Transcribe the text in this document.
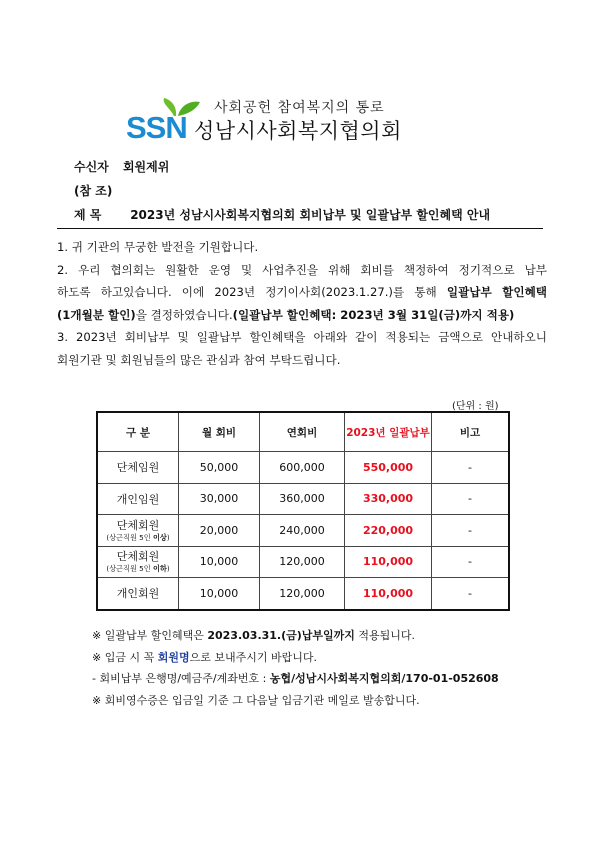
SSN
사회공헌 참여복지의 통로
성남시사회복지협의회
수신자 회원제위
(참 조)
제 목 2023년 성남시사회복지협의회 회비납부 및 일괄납부 할인혜택 안내

1. 귀 기관의 무궁한 발전을 기원합니다.

2. 우리 협의회는 원활한 운영 및 사업추진을 위해 회비를 책정하여 정기적으로 납부

하도록 하고있습니다. 이에 2023년 정기이사회(2023.1.27.)를 통해 일괄납부 할인혜택

(1개월분 할인)을 결정하였습니다.(일괄납부 할인혜택: 2023년 3월 31일(금)까지 적용)

3. 2023년 회비납부 및 일괄납부 할인혜택을 아래와 같이 적용되는 금액으로 안내하오니

회원기관 및 회원님들의 많은 관심과 참여 부탁드립니다.

(단위 : 원)
구 분	월 회비	연회비	2023년 일괄납부	비고
단체임원	50,000	600,000	550,000	-
개인임원	30,000	360,000	330,000	-
단체회원
(상근직원 5인 이상)	20,000	240,000	220,000	-
단체회원
(상근직원 5인 이하)	10,000	120,000	110,000	-
개인회원	10,000	120,000	110,000	-

※ 일괄납부 할인혜택은 2023.03.31.(금)납부일까지 적용됩니다.

※ 입금 시 꼭 회원명으로 보내주시기 바랍니다.

- 회비납부 은행명/예금주/계좌번호 : 농협/성남시사회복지협의회/170-01-052608

※ 회비영수증은 입금일 기준 그 다음날 입금기관 메일로 발송합니다.
